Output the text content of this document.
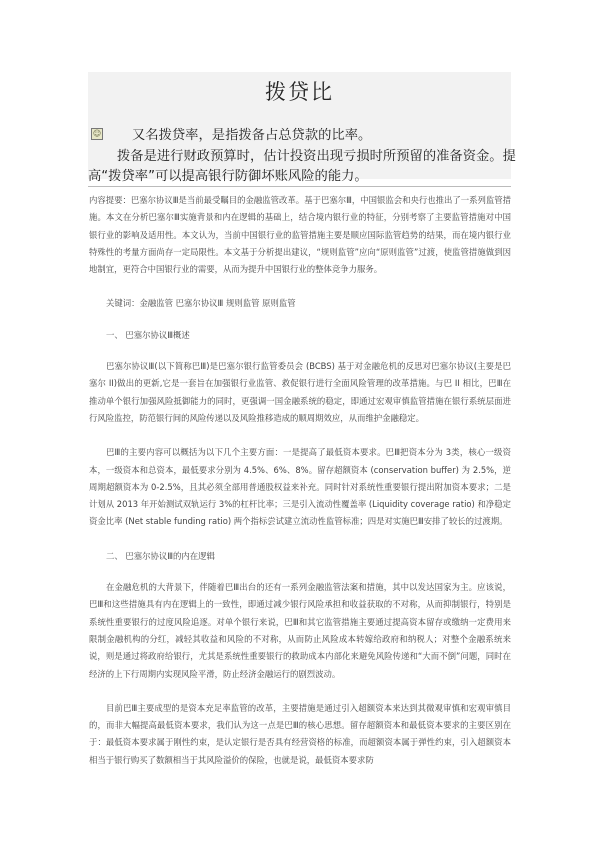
拨贷比
☺ 又名拨贷率，是指拨备占总贷款的比率。
拨备是进行财政预算时，估计投资出现亏损时所预留的准备资金。提
高“拨贷率”可以提高银行防御坏账风险的能力。

内容提要：巴塞尔协议Ⅲ是当前最受瞩目的金融监管改革。基于巴塞尔Ⅲ，中国银监会和央行也推出了一系列监管措施。本文在分析巴塞尔Ⅲ实施背景和内在逻辑的基础上，结合境内银行业的特征，分别考察了主要监管措施对中国银行业的影响及适用性。本文认为，当前中国银行业的监管措施主要是顺应国际监管趋势的结果，而在境内银行业特殊性的考量方面尚存一定局限性。本文基于分析提出建议，“规则监管”应向“原则监管”过渡，使监管措施做到因地制宜，更符合中国银行业的需要，从而为提升中国银行业的整体竞争力服务。

关键词：金融监管 巴塞尔协议Ⅲ 规则监管 原则监管

一、 巴塞尔协议Ⅲ概述

巴塞尔协议Ⅲ(以下简称巴Ⅲ)是巴塞尔银行监管委员会 (BCBS) 基于对金融危机的反思对巴塞尔协议(主要是巴塞尔 II)做出的更新,它是一套旨在加强银行业监管、救促银行进行全面风险管理的改革措施。与巴 II 相比，巴Ⅲ在推动单个银行加强风险抵御能力的同时，更强调一国金融系统的稳定，即通过宏观审慎监管措施在银行系统层面进行风险监控，防范银行间的风险传递以及风险推移造成的顺周期效应，从而维护金融稳定。

巴Ⅲ的主要内容可以概括为以下几个主要方面：一是提高了最低资本要求。巴Ⅲ把资本分为 3类，核心一级资本，一级资本和总资本，最低要求分别为 4.5%、6%、8%。留存超额资本 (conservation buffer) 为 2.5%，逆周期超额资本为 0-2.5%，且其必须全部用普通股权益来补充。同时针对系统性重要银行提出附加资本要求；二是计划从 2013 年开始测试双轨运行 3%的杠杆比率；三是引入流动性覆盖率 (Liquidity coverage ratio) 和净稳定资金比率 (Net stable funding ratio) 两个指标尝试建立流动性监管标准；四是对实施巴Ⅲ安排了较长的过渡期。

二、 巴塞尔协议Ⅲ的内在逻辑

在金融危机的大背景下，伴随着巴Ⅲ出台的还有一系列金融监管法案和措施，其中以发达国家为主。应该说，巴Ⅲ和这些措施具有内在逻辑上的一致性，即通过减少银行风险承担和收益获取的不对称，从而抑制银行，特别是系统性重要银行的过度风险追逐。对单个银行来说，巴Ⅲ和其它监管措施主要通过提高资本留存或缴纳一定费用来限制金融机构的分红，减轻其收益和风险的不对称，从而防止风险成本转嫁给政府和纳税人；对整个金融系统来说，则是通过将政府给银行，尤其是系统性重要银行的救助成本内部化来避免风险传递和“大而不倒”问题，同时在经济的上下行周期内实现风险平滑，防止经济金融运行的剧烈波动。

目前巴Ⅲ主要成型的是资本充足率监管的改革，主要措施是通过引入超额资本来达到其微观审慎和宏观审慎目的，而非大幅提高最低资本要求，我们认为这一点是巴Ⅲ的核心思想。留存超额资本和最低资本要求的主要区别在于：最低资本要求属于刚性约束，是认定银行是否具有经营资格的标准，而超额资本属于弹性约束，引入超额资本相当于银行购买了数额相当于其风险溢价的保险，也就是说，最低资本要求防
